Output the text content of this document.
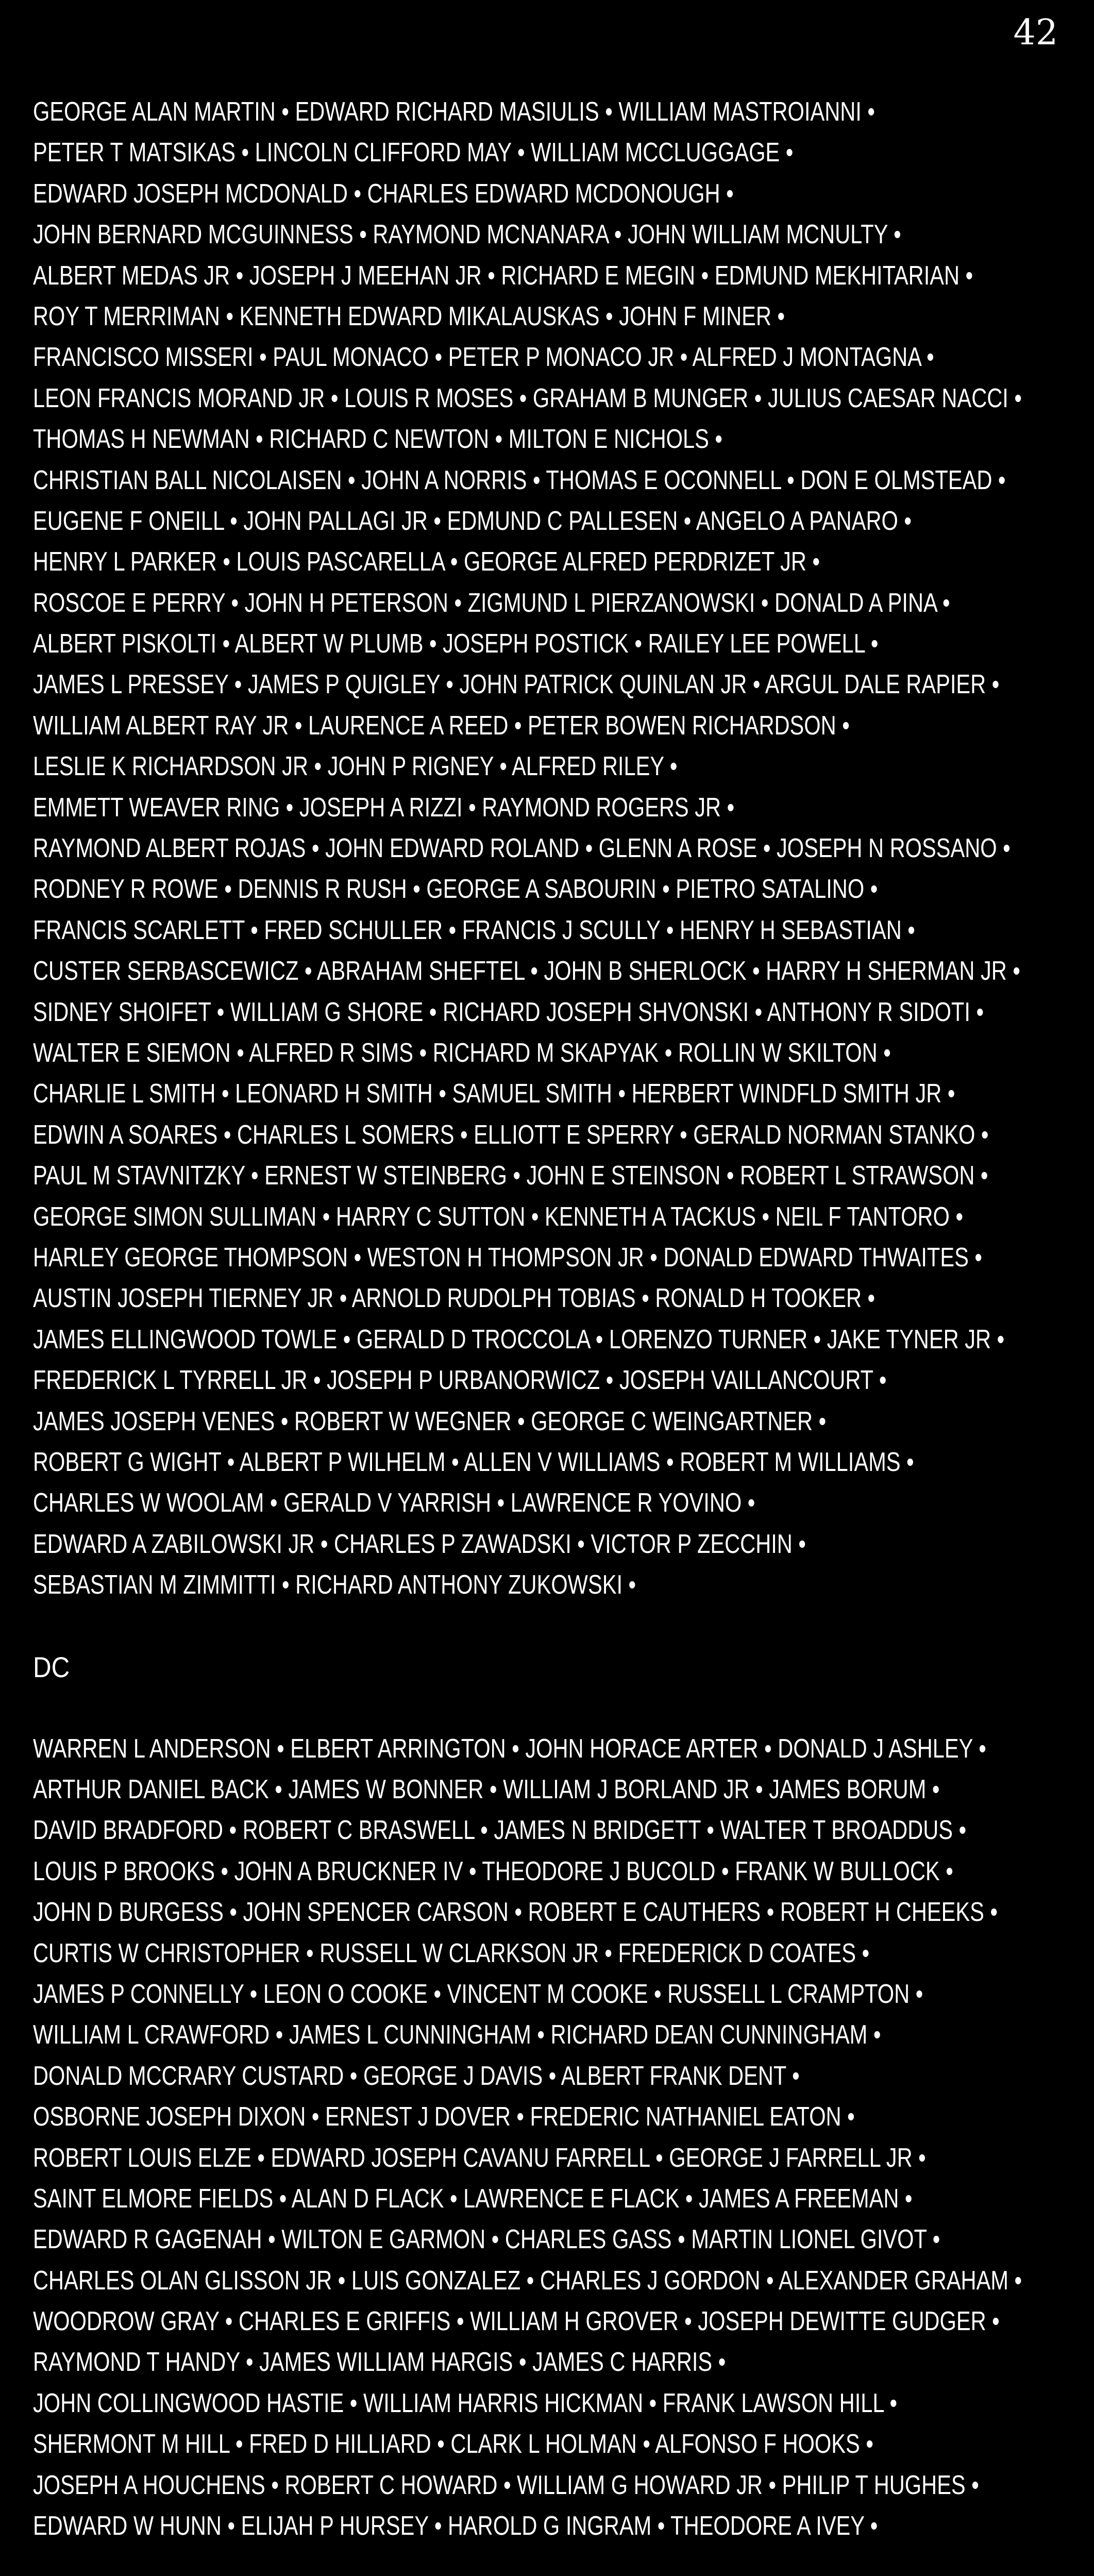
42
GEORGE ALAN MARTIN • EDWARD RICHARD MASIULIS • WILLIAM MASTROIANNI •
PETER T MATSIKAS • LINCOLN CLIFFORD MAY • WILLIAM MCCLUGGAGE •
EDWARD JOSEPH MCDONALD • CHARLES EDWARD MCDONOUGH •
JOHN BERNARD MCGUINNESS • RAYMOND MCNANARA • JOHN WILLIAM MCNULTY •
ALBERT MEDAS JR • JOSEPH J MEEHAN JR • RICHARD E MEGIN • EDMUND MEKHITARIAN •
ROY T MERRIMAN • KENNETH EDWARD MIKALAUSKAS • JOHN F MINER •
FRANCISCO MISSERI • PAUL MONACO • PETER P MONACO JR • ALFRED J MONTAGNA •
LEON FRANCIS MORAND JR • LOUIS R MOSES • GRAHAM B MUNGER • JULIUS CAESAR NACCI •
THOMAS H NEWMAN • RICHARD C NEWTON • MILTON E NICHOLS •
CHRISTIAN BALL NICOLAISEN • JOHN A NORRIS • THOMAS E OCONNELL • DON E OLMSTEAD •
EUGENE F ONEILL • JOHN PALLAGI JR • EDMUND C PALLESEN • ANGELO A PANARO •
HENRY L PARKER • LOUIS PASCARELLA • GEORGE ALFRED PERDRIZET JR •
ROSCOE E PERRY • JOHN H PETERSON • ZIGMUND L PIERZANOWSKI • DONALD A PINA •
ALBERT PISKOLTI • ALBERT W PLUMB • JOSEPH POSTICK • RAILEY LEE POWELL •
JAMES L PRESSEY • JAMES P QUIGLEY • JOHN PATRICK QUINLAN JR • ARGUL DALE RAPIER •
WILLIAM ALBERT RAY JR • LAURENCE A REED • PETER BOWEN RICHARDSON •
LESLIE K RICHARDSON JR • JOHN P RIGNEY • ALFRED RILEY •
EMMETT WEAVER RING • JOSEPH A RIZZI • RAYMOND ROGERS JR •
RAYMOND ALBERT ROJAS • JOHN EDWARD ROLAND • GLENN A ROSE • JOSEPH N ROSSANO •
RODNEY R ROWE • DENNIS R RUSH • GEORGE A SABOURIN • PIETRO SATALINO •
FRANCIS SCARLETT • FRED SCHULLER • FRANCIS J SCULLY • HENRY H SEBASTIAN •
CUSTER SERBASCEWICZ • ABRAHAM SHEFTEL • JOHN B SHERLOCK • HARRY H SHERMAN JR •
SIDNEY SHOIFET • WILLIAM G SHORE • RICHARD JOSEPH SHVONSKI • ANTHONY R SIDOTI •
WALTER E SIEMON • ALFRED R SIMS • RICHARD M SKAPYAK • ROLLIN W SKILTON •
CHARLIE L SMITH • LEONARD H SMITH • SAMUEL SMITH • HERBERT WINDFLD SMITH JR •
EDWIN A SOARES • CHARLES L SOMERS • ELLIOTT E SPERRY • GERALD NORMAN STANKO •
PAUL M STAVNITZKY • ERNEST W STEINBERG • JOHN E STEINSON • ROBERT L STRAWSON •
GEORGE SIMON SULLIMAN • HARRY C SUTTON • KENNETH A TACKUS • NEIL F TANTORO •
HARLEY GEORGE THOMPSON • WESTON H THOMPSON JR • DONALD EDWARD THWAITES •
AUSTIN JOSEPH TIERNEY JR • ARNOLD RUDOLPH TOBIAS • RONALD H TOOKER •
JAMES ELLINGWOOD TOWLE • GERALD D TROCCOLA • LORENZO TURNER • JAKE TYNER JR •
FREDERICK L TYRRELL JR • JOSEPH P URBANORWICZ • JOSEPH VAILLANCOURT •
JAMES JOSEPH VENES • ROBERT W WEGNER • GEORGE C WEINGARTNER •
ROBERT G WIGHT • ALBERT P WILHELM • ALLEN V WILLIAMS • ROBERT M WILLIAMS •
CHARLES W WOOLAM • GERALD V YARRISH • LAWRENCE R YOVINO •
EDWARD A ZABILOWSKI JR • CHARLES P ZAWADSKI • VICTOR P ZECCHIN •
SEBASTIAN M ZIMMITTI • RICHARD ANTHONY ZUKOWSKI •
DC
WARREN L ANDERSON • ELBERT ARRINGTON • JOHN HORACE ARTER • DONALD J ASHLEY •
ARTHUR DANIEL BACK • JAMES W BONNER • WILLIAM J BORLAND JR • JAMES BORUM •
DAVID BRADFORD • ROBERT C BRASWELL • JAMES N BRIDGETT • WALTER T BROADDUS •
LOUIS P BROOKS • JOHN A BRUCKNER IV • THEODORE J BUCOLD • FRANK W BULLOCK •
JOHN D BURGESS • JOHN SPENCER CARSON • ROBERT E CAUTHERS • ROBERT H CHEEKS •
CURTIS W CHRISTOPHER • RUSSELL W CLARKSON JR • FREDERICK D COATES •
JAMES P CONNELLY • LEON O COOKE • VINCENT M COOKE • RUSSELL L CRAMPTON •
WILLIAM L CRAWFORD • JAMES L CUNNINGHAM • RICHARD DEAN CUNNINGHAM •
DONALD MCCRARY CUSTARD • GEORGE J DAVIS • ALBERT FRANK DENT •
OSBORNE JOSEPH DIXON • ERNEST J DOVER • FREDERIC NATHANIEL EATON •
ROBERT LOUIS ELZE • EDWARD JOSEPH CAVANU FARRELL • GEORGE J FARRELL JR •
SAINT ELMORE FIELDS • ALAN D FLACK • LAWRENCE E FLACK • JAMES A FREEMAN •
EDWARD R GAGENAH • WILTON E GARMON • CHARLES GASS • MARTIN LIONEL GIVOT •
CHARLES OLAN GLISSON JR • LUIS GONZALEZ • CHARLES J GORDON • ALEXANDER GRAHAM •
WOODROW GRAY • CHARLES E GRIFFIS • WILLIAM H GROVER • JOSEPH DEWITTE GUDGER •
RAYMOND T HANDY • JAMES WILLIAM HARGIS • JAMES C HARRIS •
JOHN COLLINGWOOD HASTIE • WILLIAM HARRIS HICKMAN • FRANK LAWSON HILL •
SHERMONT M HILL • FRED D HILLIARD • CLARK L HOLMAN • ALFONSO F HOOKS •
JOSEPH A HOUCHENS • ROBERT C HOWARD • WILLIAM G HOWARD JR • PHILIP T HUGHES •
EDWARD W HUNN • ELIJAH P HURSEY • HAROLD G INGRAM • THEODORE A IVEY •
